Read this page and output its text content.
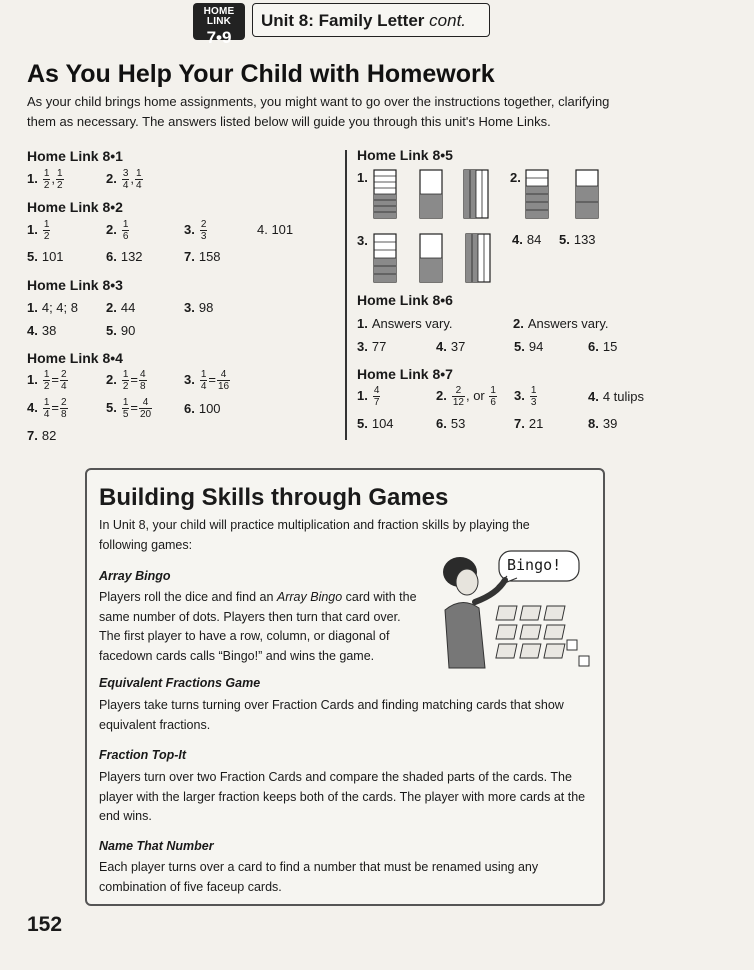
HOME LINK
7•9
Unit 8: Family Letter cont.
As You Help Your Child with Homework
As your child brings home assignments, you might want to go over the instructions together, clarifying them as necessary. The answers listed below will guide you through this unit's Home Links.
Home Link 8•1
1. $\frac{1}{2}$ , $\frac{1}{2}$	2. $\frac{3}{4}$ , $\frac{1}{4}$
Home Link 8•2
1. $\frac{1}{2}$	2. $\frac{1}{6}$	3. $\frac{2}{3}$	4. 101
5. 101	6. 132	7. 158
Home Link 8•3
1. 4; 4; 8 2. 44	3. 98
4. 38	5. 90
Home Link 8•4
1. $\frac{1}{2} = \frac{2}{4}$	2. $\frac{1}{2} = \frac{4}{8}$	3. $\frac{1}{4} = \frac{4}{16}$
4. $\frac{1}{4} = \frac{2}{8}$	5. $\frac{1}{5} = \frac{4}{20} 6$. 100
7. 82
Home Link 8•5
1.	2.
3.	4. 84 5. 133
Home Link 8•6
1. Answers vary.	2. Answers vary.
3. 77	4. 37	5. 94	6. 15
Home Link 8•7
1. $\frac{4}{7}$	2. $\frac{2}{12}$ , or $\frac{1}{6} 3$. $\frac{1}{3}$	4. 4 tulips
5. 104	6. 53	7. 21	8. 39
Building Skills through Games
In Unit 8, your child will practice multiplication and fraction skills by playing the following games:
Array Bingo
Players roll the dice and find an Array Bingo card with the same number of dots. Players then turn that card over. The first player to have a row, column, or diagonal of facedown cards calls “Bingo!” and wins the game.
Bingo!
Equivalent Fractions Game
Players take turns turning over Fraction Cards and finding matching cards that show equivalent fractions.
Fraction Top-It
Players turn over two Fraction Cards and compare the shaded parts of the cards. The player with the larger fraction keeps both of the cards. The player with more cards at the end wins.
Name That Number
Each player turns over a card to find a number that must be renamed using any combination of five faceup cards.
152
